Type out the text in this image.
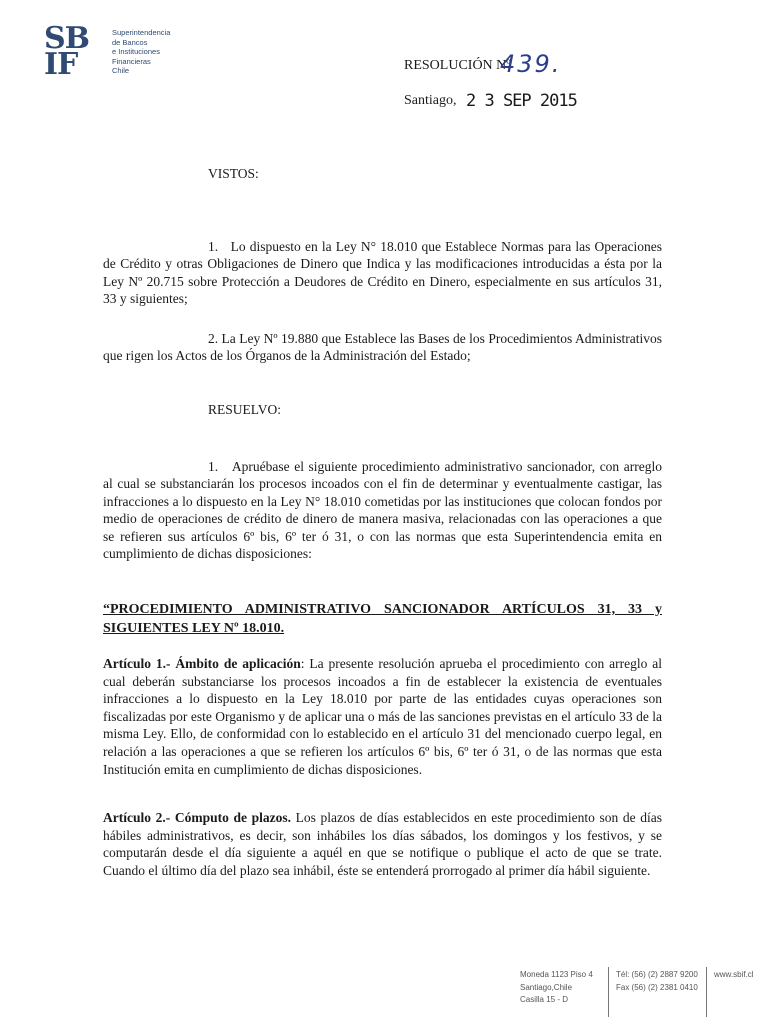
SB
IF
Superintendencia
de Bancos
e Instituciones
Financieras
Chile	RESOLUCIÓN Nº
439.
Santiago, 2 3 SEP 2015
VISTOS:
1. Lo dispuesto en la Ley N° 18.010 que Establece Normas para las Operaciones de Crédito y otras Obligaciones de Dinero que Indica y las modificaciones introducidas a ésta por la Ley Nº 20.715 sobre Protección a Deudores de Crédito en Dinero, especialmente en sus artículos 31, 33 y siguientes;
2. La Ley Nº 19.880 que Establece las Bases de los Procedimientos Administrativos que rigen los Actos de los Órganos de la Administración del Estado;
RESUELVO:
1. Apruébase el siguiente procedimiento administrativo sancionador, con arreglo al cual se substanciarán los procesos incoados con el fin de determinar y eventualmente castigar, las infracciones a lo dispuesto en la Ley N° 18.010 cometidas por las instituciones que colocan fondos por medio de operaciones de crédito de dinero de manera masiva, relacionadas con las operaciones a que se refieren sus artículos 6º bis, 6º ter ó 31, o con las normas que esta Superintendencia emita en cumplimiento de dichas disposiciones:
“PROCEDIMIENTO ADMINISTRATIVO SANCIONADOR ARTÍCULOS 31, 33 y SIGUIENTES LEY Nº 18.010.
Artículo 1.- Ámbito de aplicación: La presente resolución aprueba el procedimiento con arreglo al cual deberán substanciarse los procesos incoados a fin de establecer la existencia de eventuales infracciones a lo dispuesto en la Ley 18.010 por parte de las entidades cuyas operaciones son fiscalizadas por este Organismo y de aplicar una o más de las sanciones previstas en el artículo 33 de la misma Ley. Ello, de conformidad con lo establecido en el artículo 31 del mencionado cuerpo legal, en relación a las operaciones a que se refieren los artículos 6º bis, 6º ter ó 31, o de las normas que esta Institución emita en cumplimiento de dichas disposiciones.
Artículo 2.- Cómputo de plazos. Los plazos de días establecidos en este procedimiento son de días hábiles administrativos, es decir, son inhábiles los días sábados, los domingos y los festivos, y se computarán desde el día siguiente a aquél en que se notifique o publique el acto de que se trate. Cuando el último día del plazo sea inhábil, éste se entenderá prorrogado al primer día hábil siguiente.
Moneda 1123 Piso 4
Santiago,Chile
Casilla 15 - D
Tél: (56) (2) 2887 9200
Fax (56) (2) 2381 0410
www.sbif.cl
